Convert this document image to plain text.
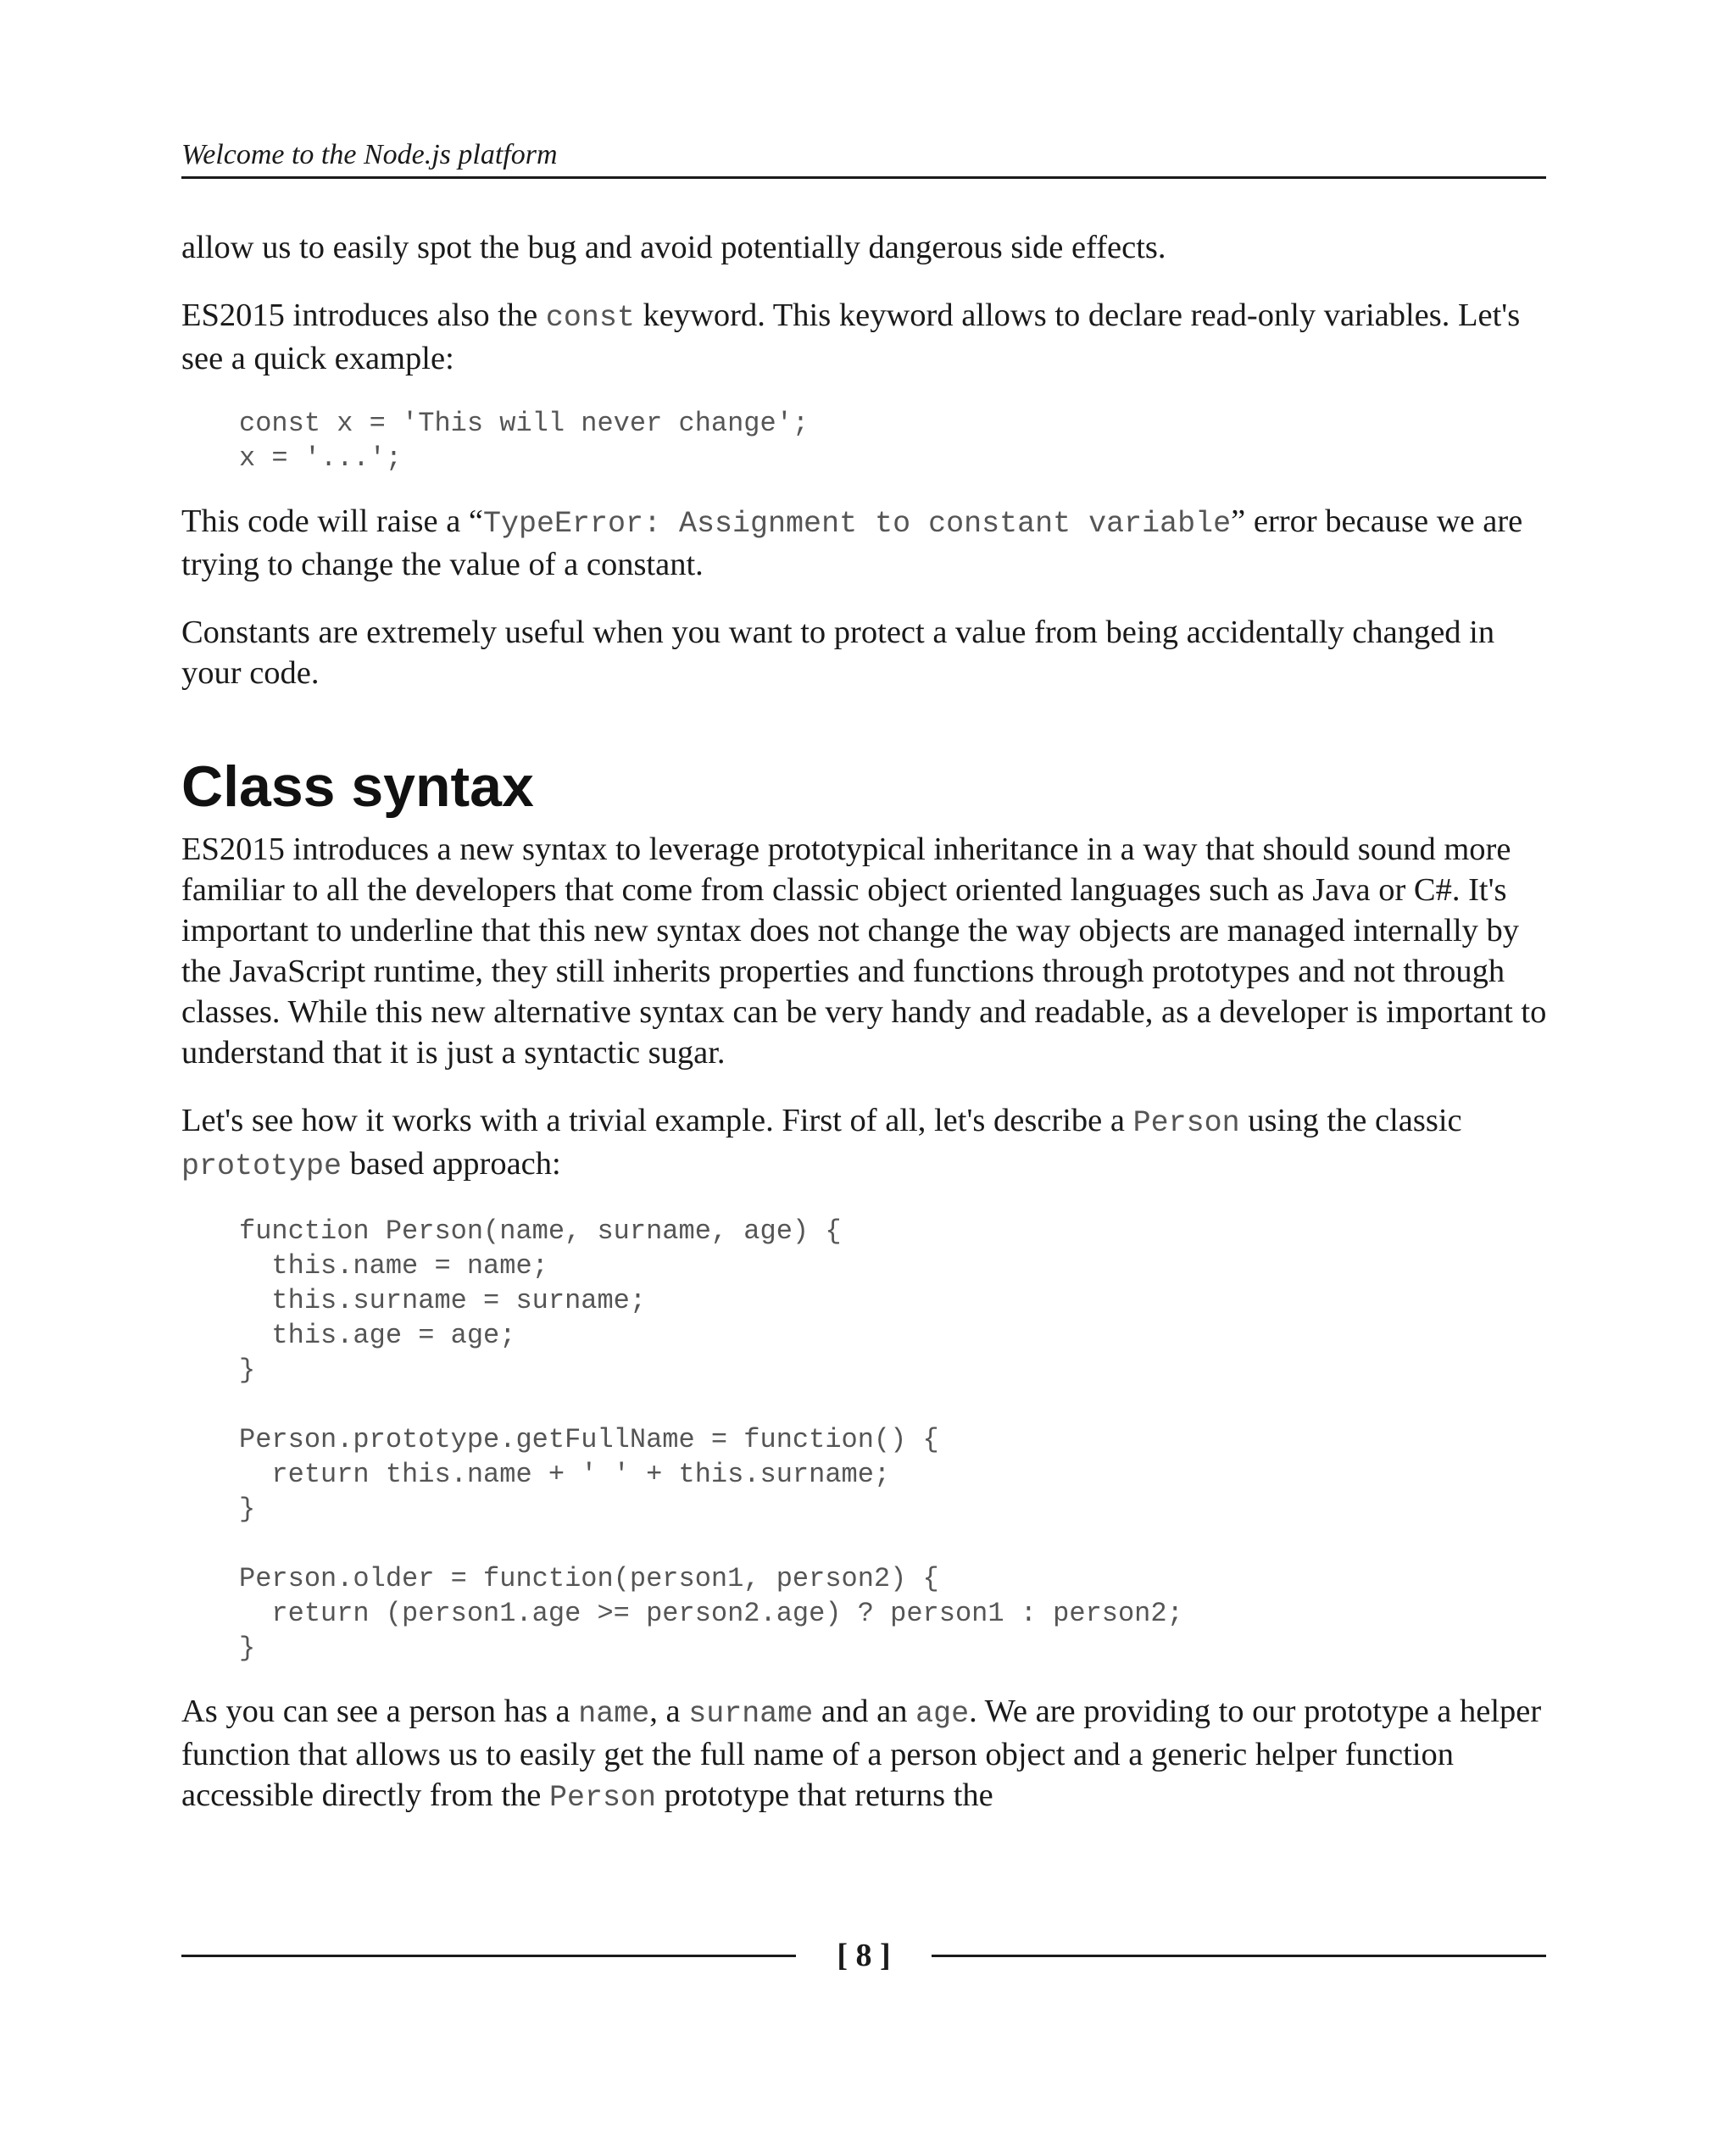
Welcome to the Node.js platform

allow us to easily spot the bug and avoid potentially dangerous side effects.

ES2015 introduces also the const keyword. This keyword allows to declare read-only variables. Let's see a quick example:

const x = 'This will never change';
x = '...';

This code will raise a “TypeError: Assignment to constant variable” error because we are trying to change the value of a constant.

Constants are extremely useful when you want to protect a value from being accidentally changed in your code.

Class syntax

ES2015 introduces a new syntax to leverage prototypical inheritance in a way that should sound more familiar to all the developers that come from classic object oriented languages such as Java or C#. It's important to underline that this new syntax does not change the way objects are managed internally by the JavaScript runtime, they still inherits properties and functions through prototypes and not through classes. While this new alternative syntax can be very handy and readable, as a developer is important to understand that it is just a syntactic sugar.

Let's see how it works with a trivial example. First of all, let's describe a Person using the classic prototype based approach:

function Person(name, surname, age) {
this.name = name;
this.surname = surname;
this.age = age;
}

Person.prototype.getFullName = function() {
return this.name + ' ' + this.surname;
}

Person.older = function(person1, person2) {
return (person1.age >= person2.age) ? person1 : person2;
}

As you can see a person has a name, a surname and an age. We are providing to our prototype a helper function that allows us to easily get the full name of a person object and a generic helper function accessible directly from the Person prototype that returns the

[ 8 ]
